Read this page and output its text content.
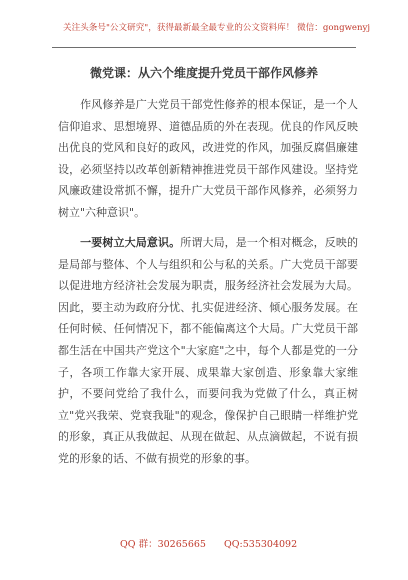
关注头条号"公文研究"，获得最新最全最专业的公文资料库！ 微信：gongwenyj
微党课：从六个维度提升党员干部作风修养
作风修养是广大党员干部党性修养的根本保证，是一个人信仰追求、思想境界、道德品质的外在表现。优良的作风反映出优良的党风和良好的政风，改进党的作风，加强反腐倡廉建设，必须坚持以改革创新精神推进党员干部作风建设。坚持党风廉政建设常抓不懈，提升广大党员干部作风修养，必须努力树立"六种意识"。
一要树立大局意识。所谓大局，是一个相对概念，反映的是局部与整体、个人与组织和公与私的关系。广大党员干部要以促进地方经济社会发展为职责，服务经济社会发展为大局。因此，要主动为政府分忧、扎实促进经济、倾心服务发展。在任何时候、任何情况下，都不能偏离这个大局。广大党员干部都生活在中国共产党这个"大家庭"之中，每个人都是党的一分子，各项工作靠大家开展、成果靠大家创造、形象靠大家维护，不要问党给了我什么，而要问我为党做了什么，真正树立"党兴我荣、党衰我耻"的观念，像保护自己眼睛一样维护党的形象，真正从我做起、从现在做起、从点滴做起，不说有损党的形象的话、不做有损党的形象的事。
QQ 群：30265665 QQ:535304092
